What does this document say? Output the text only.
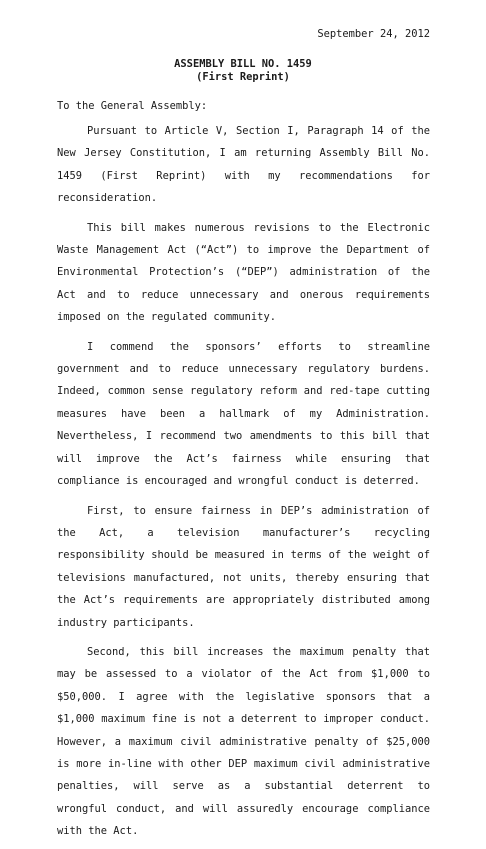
September 24, 2012
ASSEMBLY BILL NO. 1459
(First Reprint)
To the General Assembly:

Pursuant to Article V, Section I, Paragraph 14 of the New Jersey Constitution, I am returning Assembly Bill No. 1459 (First Reprint) with my recommendations for reconsideration.

This bill makes numerous revisions to the Electronic Waste Management Act (“Act”) to improve the Department of Environmental Protection’s (“DEP”) administration of the Act and to reduce unnecessary and onerous requirements imposed on the regulated community.

I commend the sponsors’ efforts to streamline government and to reduce unnecessary regulatory burdens. Indeed, common sense regulatory reform and red-tape cutting measures have been a hallmark of my Administration. Nevertheless, I recommend two amendments to this bill that will improve the Act’s fairness while ensuring that compliance is encouraged and wrongful conduct is deterred.

First, to ensure fairness in DEP’s administration of the Act, a television manufacturer’s recycling responsibility should be measured in terms of the weight of televisions manufactured, not units, thereby ensuring that the Act’s requirements are appropriately distributed among industry participants.

Second, this bill increases the maximum penalty that may be assessed to a violator of the Act from $1,000 to $50,000. I agree with the legislative sponsors that a $1,000 maximum fine is not a deterrent to improper conduct. However, a maximum civil administrative penalty of $25,000 is more in-line with other DEP maximum civil administrative penalties, will serve as a substantial deterrent to wrongful conduct, and will assuredly encourage compliance with the Act.
